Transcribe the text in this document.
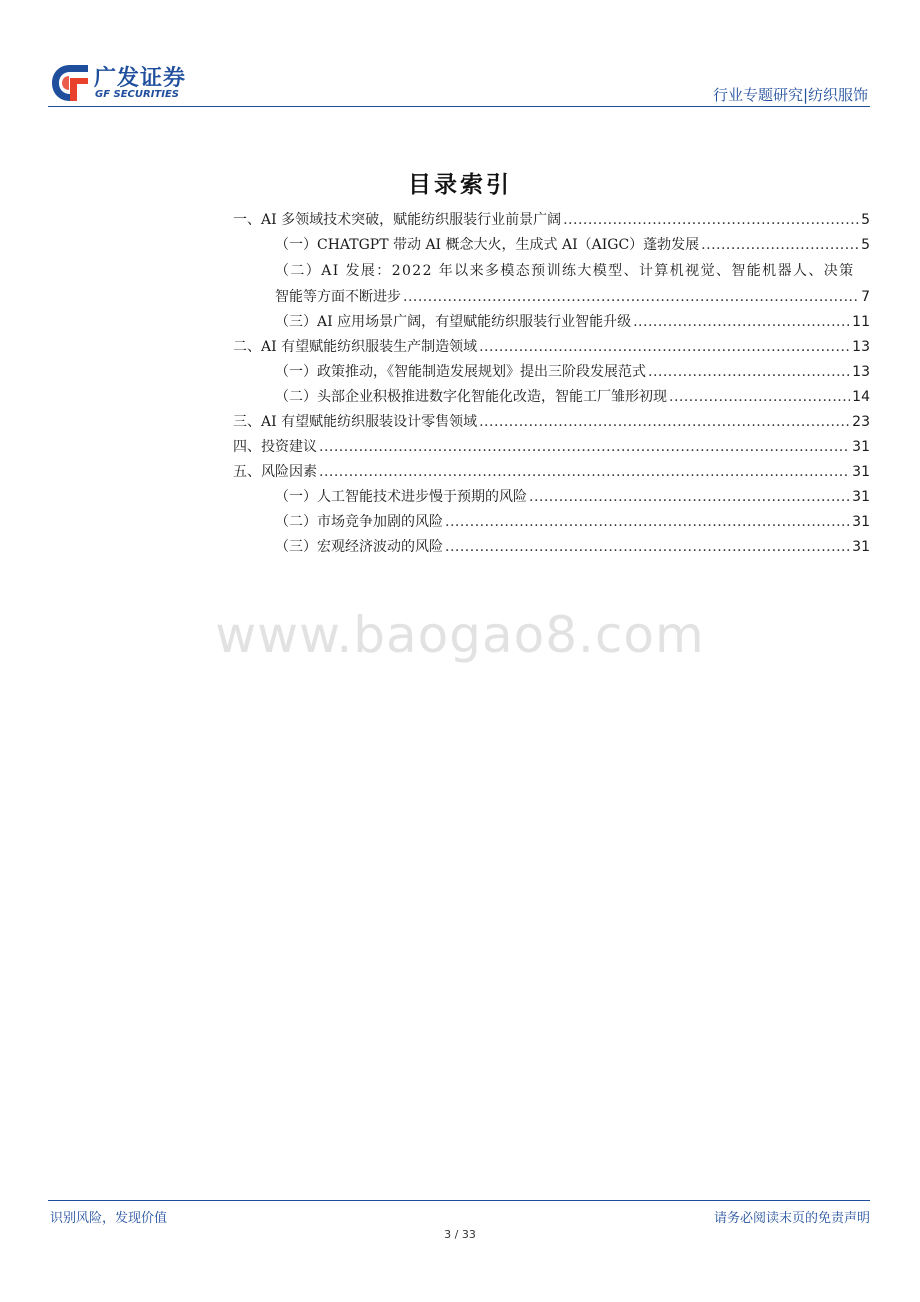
广发证券
GF SECURITIES	行业专题研究|纺织服饰
目录索引
一、AI 多领域技术突破，赋能纺织服装行业前景广阔 .....	5
（一）CHATGPT 带动 AI 概念大火，生成式 AI（AIGC）蓬勃发展 .....	5
（二）AI 发展：2022 年以来多模态预训练大模型、计算机视觉、智能机器人、决策
智能等方面不断进步 .....	7
（三）AI 应用场景广阔，有望赋能纺织服装行业智能升级 .....	11
二、AI 有望赋能纺织服装生产制造领域 .....	13
（一）政策推动，《智能制造发展规划》提出三阶段发展范式 .....	13
（二）头部企业积极推进数字化智能化改造，智能工厂雏形初现 .....	14
三、AI 有望赋能纺织服装设计零售领域 .....	23
四、投资建议 .....	31
五、风险因素 .....	31
（一）人工智能技术进步慢于预期的风险 .....	31
（二）市场竞争加剧的风险 .....	31
（三）宏观经济波动的风险 .....	31
www.baogao8.com
识别风险，发现价值	请务必阅读末页的免责声明
3 / 33
